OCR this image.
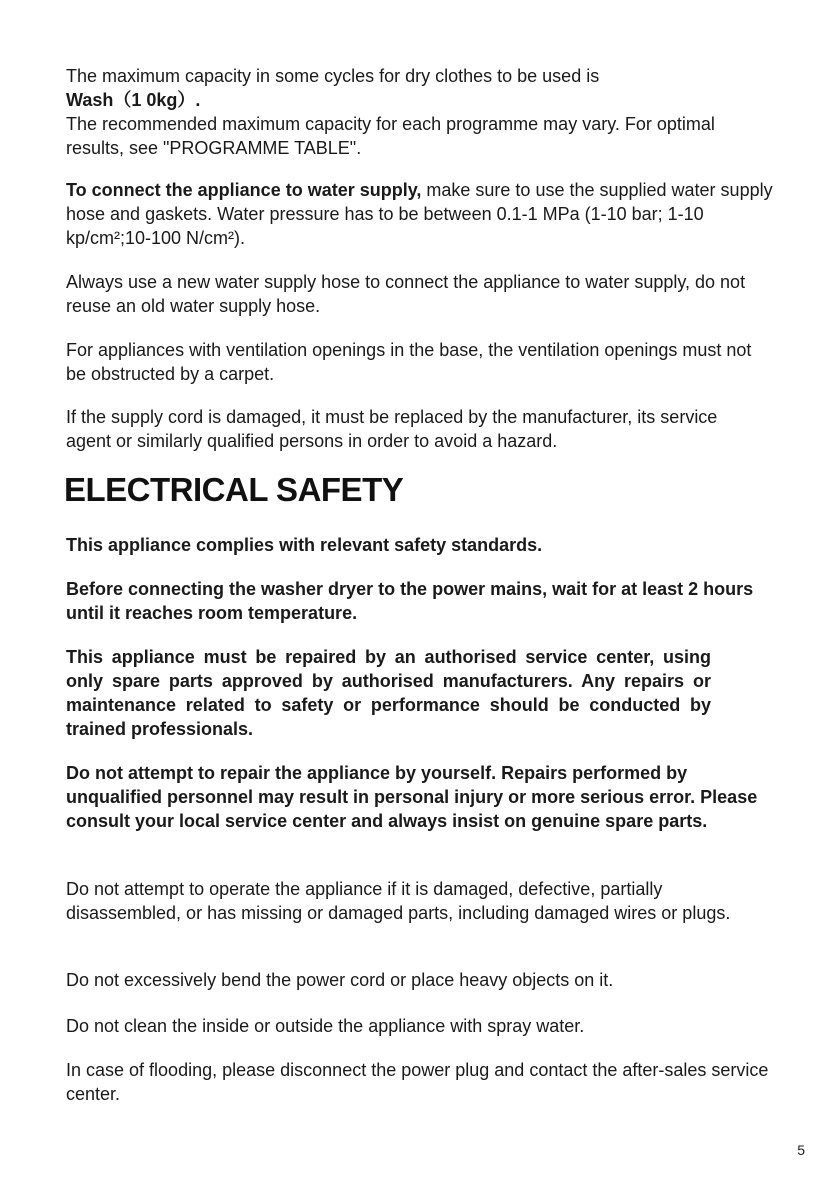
The maximum capacity in some cycles for dry clothes to be used is
Wash（1 0kg）.
The recommended maximum capacity for each programme may vary. For optimal results, see "PROGRAMME TABLE".
To connect the appliance to water supply, make sure to use the supplied water supply hose and gaskets. Water pressure has to be between 0.1-1 MPa (1-10 bar; 1-10 kp/cm²;10-100 N/cm²).

Always use a new water supply hose to connect the appliance to water supply, do not reuse an old water supply hose.

For appliances with ventilation openings in the base, the ventilation openings must not be obstructed by a carpet.

If the supply cord is damaged, it must be replaced by the manufacturer, its service agent or similarly qualified persons in order to avoid a hazard.

ELECTRICAL SAFETY

This appliance complies with relevant safety standards.

Before connecting the washer dryer to the power mains, wait for at least 2 hours until it reaches room temperature.

This appliance must be repaired by an authorised service center, using only spare parts approved by authorised manufacturers. Any repairs or maintenance related to safety or performance should be conducted by trained professionals.

Do not attempt to repair the appliance by yourself. Repairs performed by unqualified personnel may result in personal injury or more serious error. Please consult your local service center and always insist on genuine spare parts.

Do not attempt to operate the appliance if it is damaged, defective, partially disassembled, or has missing or damaged parts, including damaged wires or plugs.

Do not excessively bend the power cord or place heavy objects on it.

Do not clean the inside or outside the appliance with spray water.

In case of flooding, please disconnect the power plug and contact the after-sales service center.

5
